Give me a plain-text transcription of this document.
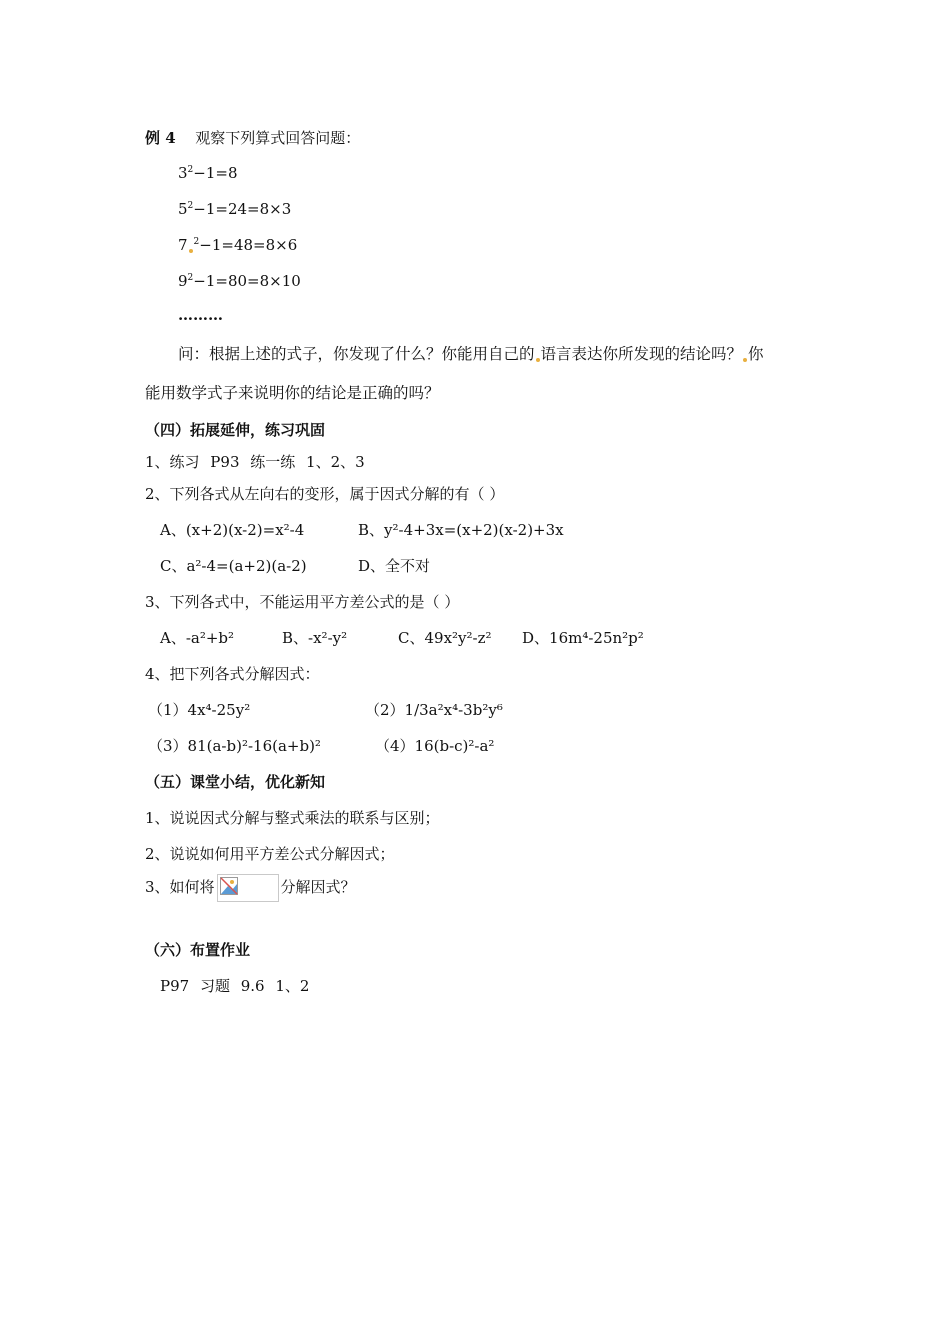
例 4 观察下列算式回答问题：
$3^2-1=8$
$5^2-1=24=8\times 3$
7 $^2$−1=48=8×6
$9^2-1=80=8\times 10$
………
问：根据上述的式子，你发现了什么？你能用自己的 语言表达你所发现的结论吗？ 你
能用数学式子来说明你的结论是正确的吗？
（四）拓展延伸，练习巩固
1、练习 P93 练一练 1、2、3
2、下列各式从左向右的变形，属于因式分解的有（ ）
A、(x+2)(x-2)=x²-4	B、y²-4+3x=(x+2)(x-2)+3x
C、a²-4=(a+2)(a-2)	D、全不对
3、下列各式中，不能运用平方差公式的是（ ）
A、-a²+b²	B、-x²-y²	C、49x²y²-z² D、16m⁴-25n²p²
4、把下列各式分解因式：
（1）4x⁴-25y²	（2）1/3a²x⁴-3b²y⁶
（3）81(a-b)²-16(a+b)²	（4）16(b-c)²-a²
（五）课堂小结，优化新知
1、说说因式分解与整式乘法的联系与区别；
2、说说如何用平方差公式分解因式；
3、如何将	分解因式？
（六）布置作业
P97 习题 9.6 1、2
